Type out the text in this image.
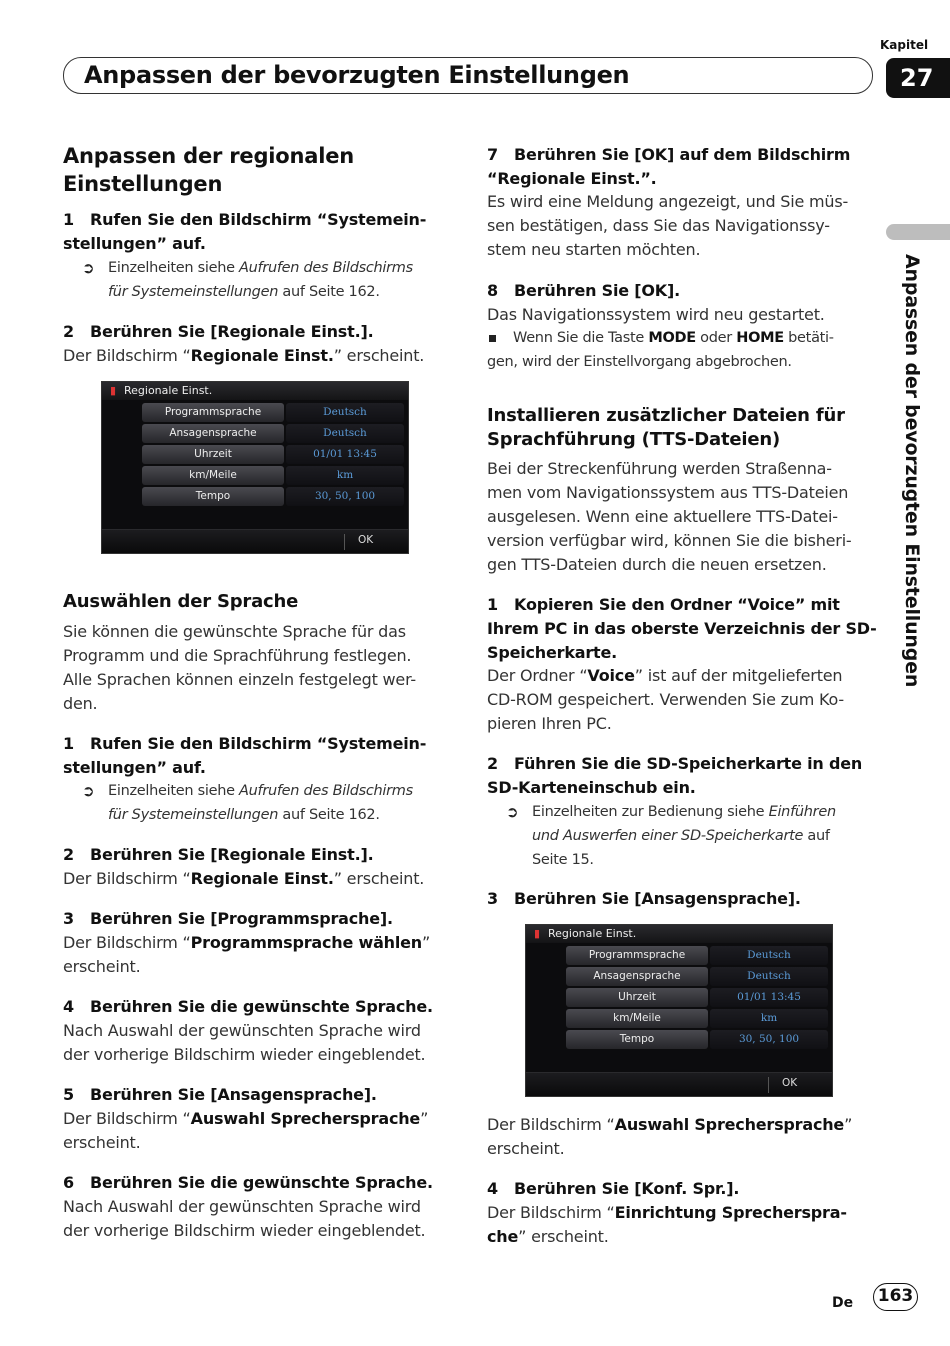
Kapitel
27
Anpassen der bevorzugten Einstellungen
Anpassen der bevorzugten Einstellungen
Anpassen der regionalen Einstellungen
1   Rufen Sie den Bildschirm “Systemein-
stellungen” auf.
➲ Einzelheiten siehe Aufrufen des Bildschirms
für Systemeinstellungen auf Seite 162.
2   Berühren Sie [Regionale Einst.].
Der Bildschirm “Regionale Einst.” erscheint.
▮ Regionale Einst.
Programmsprache	Deutsch
Ansagensprache	Deutsch
Uhrzeit	01/01 13:45
km/Meile	km
Tempo	30, 50, 100
OK
Auswählen der Sprache
Sie können die gewünschte Sprache für das
Programm und die Sprachführung festlegen.
Alle Sprachen können einzeln festgelegt wer-
den.
1   Rufen Sie den Bildschirm “Systemein-
stellungen” auf.
➲ Einzelheiten siehe Aufrufen des Bildschirms
für Systemeinstellungen auf Seite 162.
2   Berühren Sie [Regionale Einst.].
Der Bildschirm “Regionale Einst.” erscheint.
3   Berühren Sie [Programmsprache].
Der Bildschirm “Programmsprache wählen”
erscheint.
4   Berühren Sie die gewünschte Sprache.
Nach Auswahl der gewünschten Sprache wird
der vorherige Bildschirm wieder eingeblendet.
5   Berühren Sie [Ansagensprache].
Der Bildschirm “Auswahl Sprechersprache”
erscheint.
6   Berühren Sie die gewünschte Sprache.
Nach Auswahl der gewünschten Sprache wird
der vorherige Bildschirm wieder eingeblendet.
7   Berühren Sie [OK] auf dem Bildschirm
“Regionale Einst.”.
Es wird eine Meldung angezeigt, und Sie müs-
sen bestätigen, dass Sie das Navigationssy-
stem neu starten möchten.
8   Berühren Sie [OK].
Das Navigationssystem wird neu gestartet.
Wenn Sie die Taste MODE oder HOME betäti-
gen, wird der Einstellvorgang abgebrochen.
Installieren zusätzlicher Dateien für
Sprachführung (TTS-Dateien)
Bei der Streckenführung werden Straßenna-
men vom Navigationssystem aus TTS-Dateien
ausgelesen. Wenn eine aktuellere TTS-Datei-
version verfügbar wird, können Sie die bisheri-
gen TTS-Dateien durch die neuen ersetzen.
1   Kopieren Sie den Ordner “Voice” mit
Ihrem PC in das oberste Verzeichnis der SD-
Speicherkarte.
Der Ordner “Voice” ist auf der mitgelieferten
CD-ROM gespeichert. Verwenden Sie zum Ko-
pieren Ihren PC.
2   Führen Sie die SD-Speicherkarte in den
SD-Karteneinschub ein.
➲ Einzelheiten zur Bedienung siehe Einführen
und Auswerfen einer SD-Speicherkarte auf
Seite 15.
3   Berühren Sie [Ansagensprache].
▮ Regionale Einst.
Programmsprache	Deutsch
Ansagensprache	Deutsch
Uhrzeit	01/01 13:45
km/Meile	km
Tempo	30, 50, 100
OK
Der Bildschirm “Auswahl Sprechersprache”
erscheint.
4   Berühren Sie [Konf. Spr.].
Der Bildschirm “Einrichtung Sprecherspra-
che” erscheint.
De 163
